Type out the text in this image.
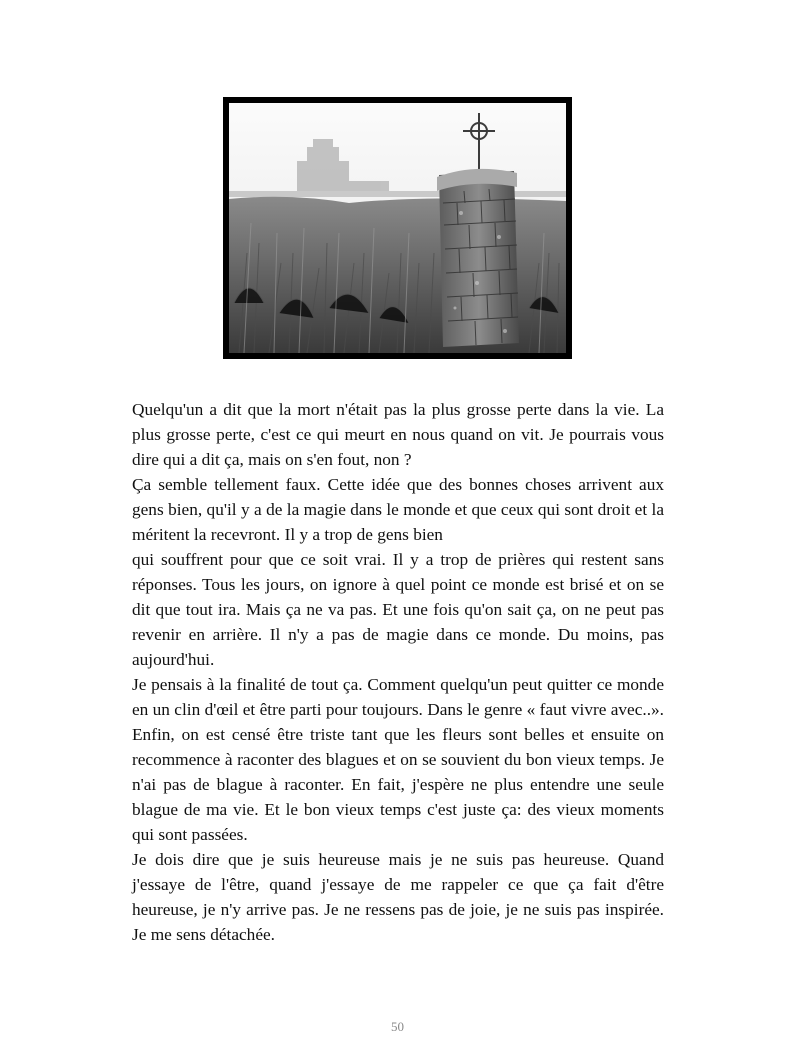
Quelqu'un a dit que la mort n'était pas la plus grosse perte dans la vie. La plus grosse perte, c'est ce qui meurt en nous quand on vit. Je pourrais vous dire qui a dit ça, mais on s'en fout, non ?

Ça semble tellement faux. Cette idée que des bonnes choses arrivent aux gens bien, qu'il y a de la magie dans le monde et que ceux qui sont droit et la méritent la recevront. Il y a trop de gens bien

qui souffrent pour que ce soit vrai. Il y a trop de prières qui restent sans réponses. Tous les jours, on ignore à quel point ce monde est brisé et on se dit que tout ira. Mais ça ne va pas. Et une fois qu'on sait ça, on ne peut pas revenir en arrière. Il n'y a pas de magie dans ce monde. Du moins, pas aujourd'hui.

Je pensais à la finalité de tout ça. Comment quelqu'un peut quitter ce monde en un clin d'œil et être parti pour toujours. Dans le genre « faut vivre avec..». Enfin, on est censé être triste tant que les fleurs sont belles et ensuite on recommence à raconter des blagues et on se souvient du bon vieux temps. Je n'ai pas de blague à raconter. En fait, j'espère ne plus entendre une seule blague de ma vie. Et le bon vieux temps c'est juste ça: des vieux moments qui sont passées.

Je dois dire que je suis heureuse mais je ne suis pas heureuse. Quand j'essaye de l'être, quand j'essaye de me rappeler ce que ça fait d'être heureuse, je n'y arrive pas. Je ne ressens pas de joie, je ne suis pas inspirée. Je me sens détachée.

50
